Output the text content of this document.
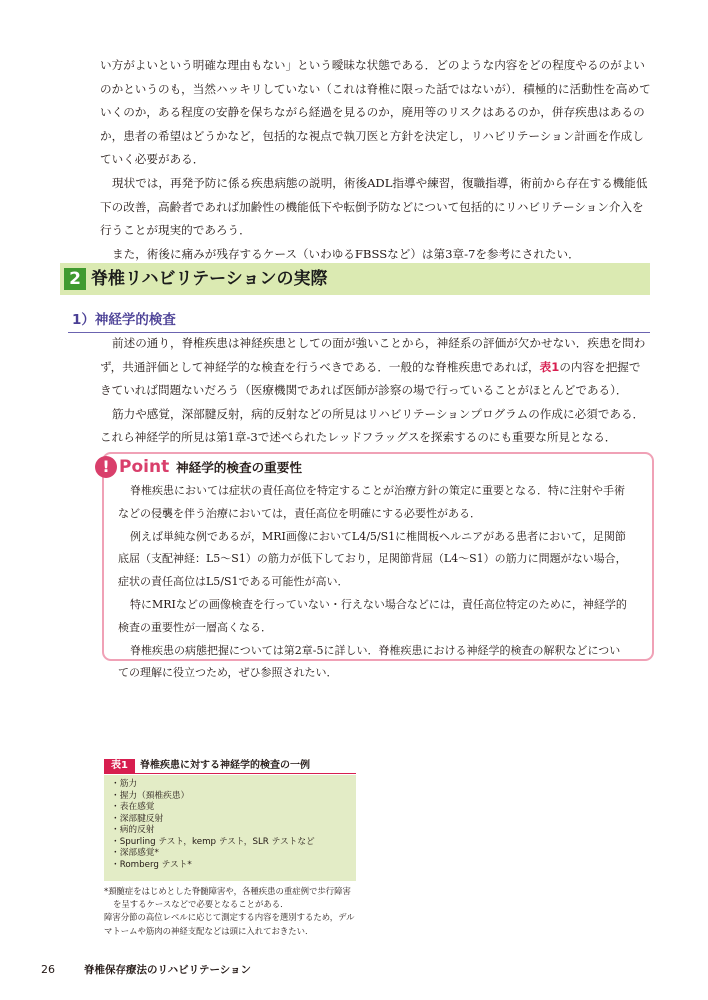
い方がよいという明確な理由もない」という曖昧な状態である．どのような内容をどの程度やるのがよい
のかというのも，当然ハッキリしていない（これは脊椎に限った話ではないが）．積極的に活動性を高めて
いくのか，ある程度の安静を保ちながら経過を見るのか，廃用等のリスクはあるのか，併存疾患はあるの
か，患者の希望はどうかなど，包括的な視点で執刀医と方針を決定し，リハビリテーション計画を作成し
ていく必要がある．
現状では，再発予防に係る疾患病態の説明，術後ADL指導や練習，復職指導，術前から存在する機能低
下の改善，高齢者であれば加齢性の機能低下や転倒予防などについて包括的にリハビリテーション介入を
行うことが現実的であろう．
また，術後に痛みが残存するケース（いわゆるFBSSなど）は第3章-7を参考にされたい．
2 脊椎リハビリテーションの実際
1）神経学的検査
前述の通り，脊椎疾患は神経疾患としての面が強いことから，神経系の評価が欠かせない．疾患を問わ
ず，共通評価として神経学的な検査を行うべきである．一般的な脊椎疾患であれば，表1の内容を把握で
きていれば問題ないだろう（医療機関であれば医師が診察の場で行っていることがほとんどである）．
筋力や感覚，深部腱反射，病的反射などの所見はリハビリテーションプログラムの作成に必須である．
これら神経学的所見は第1章-3で述べられたレッドフラッグスを探索するのにも重要な所見となる．
! Point 神経学的検査の重要性
脊椎疾患においては症状の責任高位を特定することが治療方針の策定に重要となる．特に注射や手術
などの侵襲を伴う治療においては，責任高位を明確にする必要性がある．
例えば単純な例であるが，MRI画像においてL4/5/S1に椎間板ヘルニアがある患者において，足関節
底屈（支配神経：L5～S1）の筋力が低下しており，足関節背屈（L4～S1）の筋力に問題がない場合，
症状の責任高位はL5/S1である可能性が高い．
特にMRIなどの画像検査を行っていない・行えない場合などには，責任高位特定のために，神経学的
検査の重要性が一層高くなる．
脊椎疾患の病態把握については第2章-5に詳しい．脊椎疾患における神経学的検査の解釈などについ
ての理解に役立つため，ぜひ参照されたい．
表1 脊椎疾患に対する神経学的検査の一例
・筋力
・握力（頚椎疾患）
・表在感覚
・深部腱反射
・病的反射
・Spurling テスト，kemp テスト，SLR テストなど
・深部感覚*
・Romberg テスト*
*頚髄症をはじめとした脊髄障害や，各種疾患の重症例で歩行障害
を呈するケースなどで必要となることがある．
障害分節の高位レベルに応じて測定する内容を選別するため，デル
マトームや筋肉の神経支配などは頭に入れておきたい．
26	脊椎保存療法のリハビリテーション
